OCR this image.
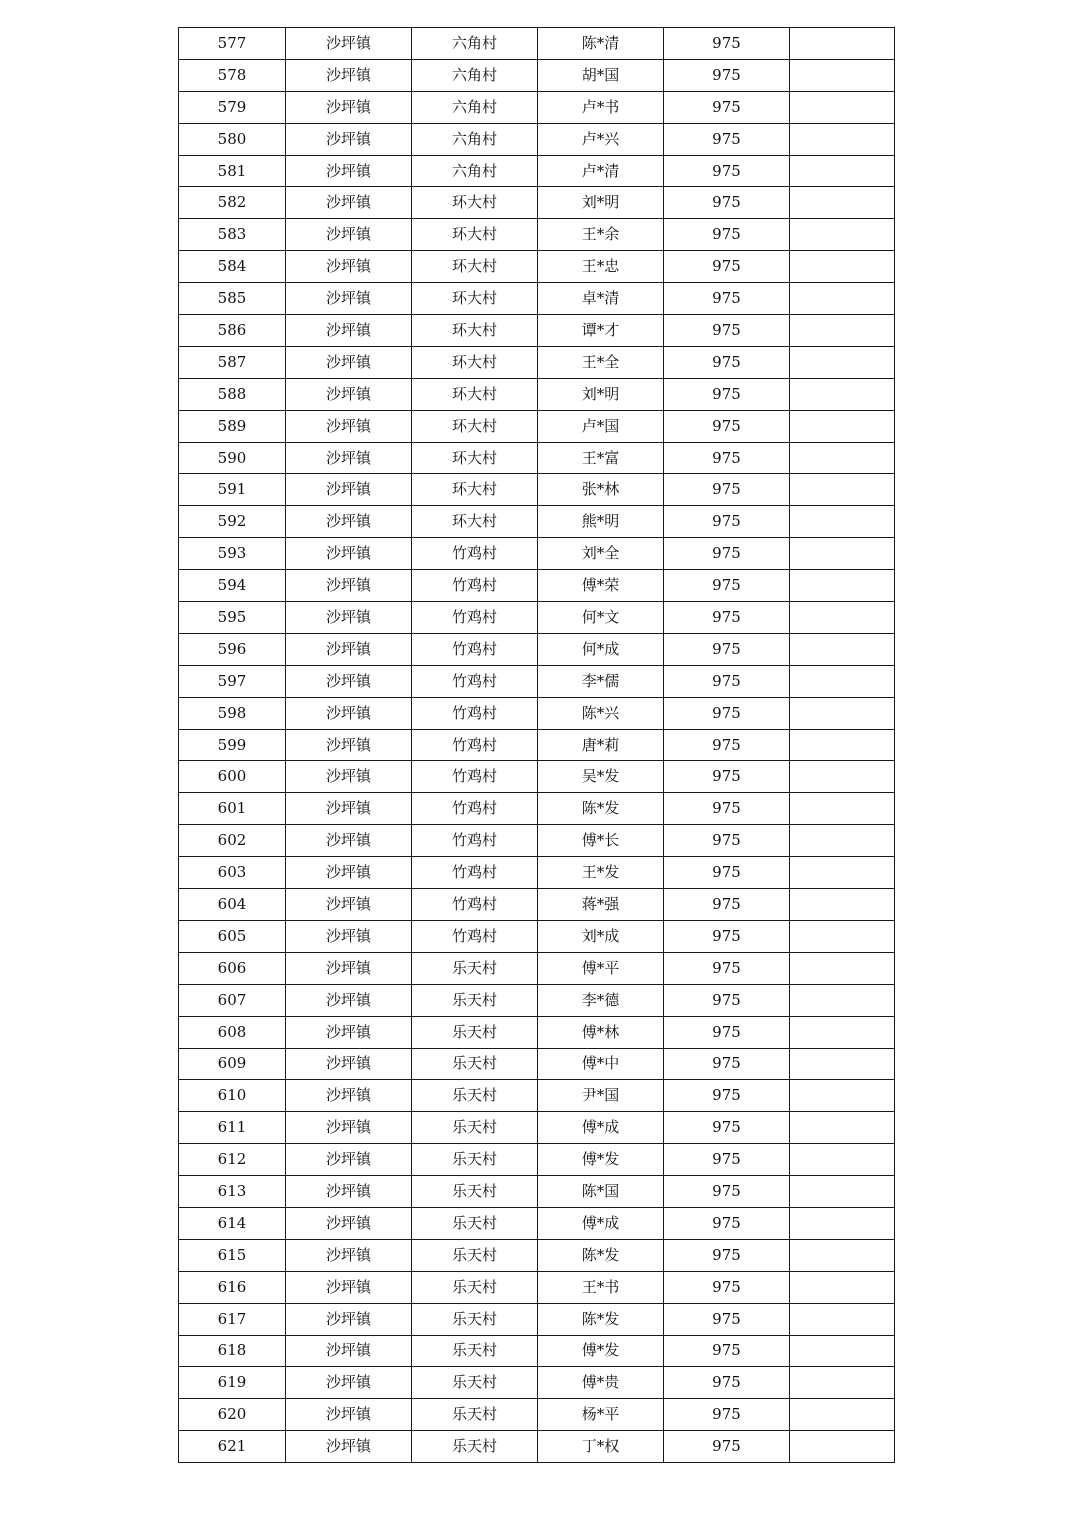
577	沙坪镇	六角村	陈*清	975	
578	沙坪镇	六角村	胡*国	975	
579	沙坪镇	六角村	卢*书	975	
580	沙坪镇	六角村	卢*兴	975	
581	沙坪镇	六角村	卢*清	975	
582	沙坪镇	环大村	刘*明	975	
583	沙坪镇	环大村	王*余	975	
584	沙坪镇	环大村	王*忠	975	
585	沙坪镇	环大村	卓*清	975	
586	沙坪镇	环大村	谭*才	975	
587	沙坪镇	环大村	王*全	975	
588	沙坪镇	环大村	刘*明	975	
589	沙坪镇	环大村	卢*国	975	
590	沙坪镇	环大村	王*富	975	
591	沙坪镇	环大村	张*林	975	
592	沙坪镇	环大村	熊*明	975	
593	沙坪镇	竹鸡村	刘*全	975	
594	沙坪镇	竹鸡村	傅*荣	975	
595	沙坪镇	竹鸡村	何*文	975	
596	沙坪镇	竹鸡村	何*成	975	
597	沙坪镇	竹鸡村	李*儒	975	
598	沙坪镇	竹鸡村	陈*兴	975	
599	沙坪镇	竹鸡村	唐*莉	975	
600	沙坪镇	竹鸡村	吴*发	975	
601	沙坪镇	竹鸡村	陈*发	975	
602	沙坪镇	竹鸡村	傅*长	975	
603	沙坪镇	竹鸡村	王*发	975	
604	沙坪镇	竹鸡村	蒋*强	975	
605	沙坪镇	竹鸡村	刘*成	975	
606	沙坪镇	乐天村	傅*平	975	
607	沙坪镇	乐天村	李*德	975	
608	沙坪镇	乐天村	傅*林	975	
609	沙坪镇	乐天村	傅*中	975	
610	沙坪镇	乐天村	尹*国	975	
611	沙坪镇	乐天村	傅*成	975	
612	沙坪镇	乐天村	傅*发	975	
613	沙坪镇	乐天村	陈*国	975	
614	沙坪镇	乐天村	傅*成	975	
615	沙坪镇	乐天村	陈*发	975	
616	沙坪镇	乐天村	王*书	975	
617	沙坪镇	乐天村	陈*发	975	
618	沙坪镇	乐天村	傅*发	975	
619	沙坪镇	乐天村	傅*贵	975	
620	沙坪镇	乐天村	杨*平	975	
621	沙坪镇	乐天村	丁*权	975	
